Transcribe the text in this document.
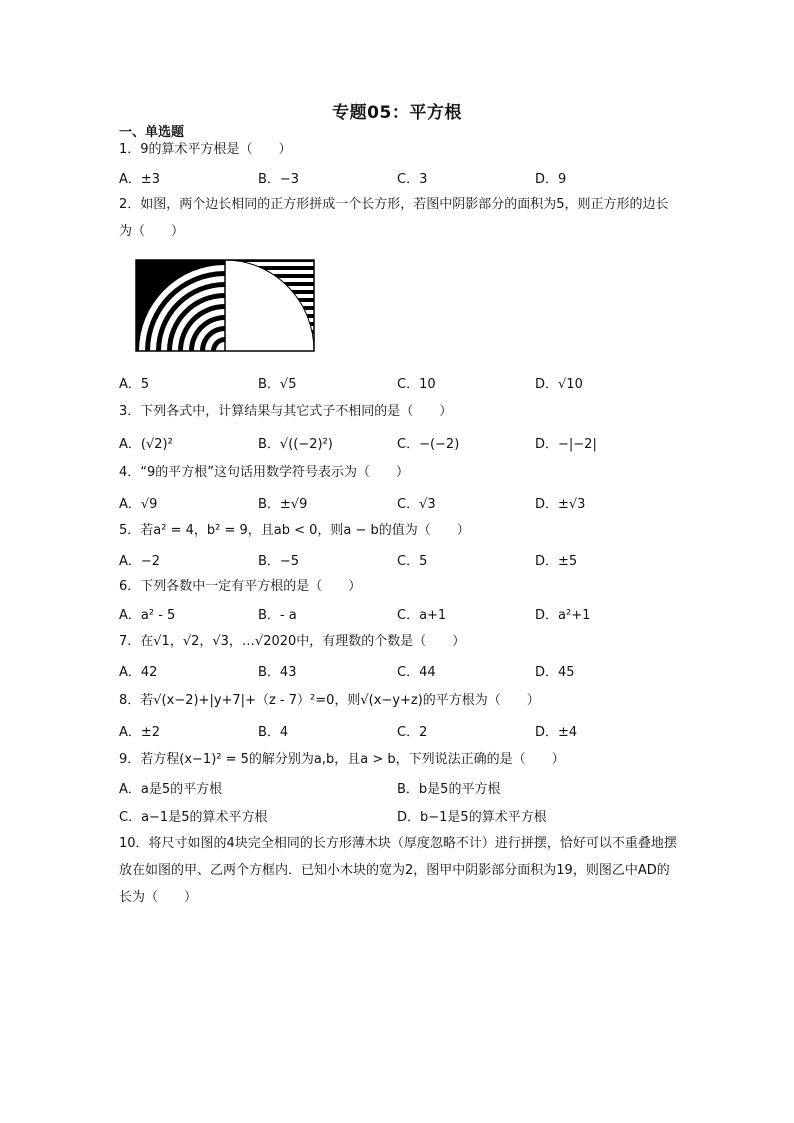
专题05：平方根
一、单选题
1．9的算术平方根是（　　）
A．±3	B．−3	C．3	D．9
2．如图，两个边长相同的正方形拼成一个长方形，若图中阴影部分的面积为5，则正方形的边长为（　　）
A．5	B．√5	C．10	D．√10
3．下列各式中，计算结果与其它式子不相同的是（　　）
A．(√2)²	B．√((−2)²)	C．−(−2)	D．−|−2|
4．“9的平方根”这句话用数学符号表示为（　　）
A．√9	B．±√9	C．√3	D．±√3
5．若a² = 4，b² = 9，且ab < 0，则a − b的值为（　　）
A．−2	B．−5	C．5	D．±5
6．下列各数中一定有平方根的是（　　）
A．a² - 5	B．- a	C．a+1	D．a²+1
7．在√1，√2，√3，…√2020中，有理数的个数是（　　）
A．42	B．43	C．44	D．45
8．若√(x−2)+|y+7|+（z - 7）²=0，则√(x−y+z)的平方根为（　　）
A．±2	B．4	C．2	D．±4
9．若方程(x−1)² = 5的解分别为a,b，且a > b，下列说法正确的是（　　）
A．a是5的平方根	B．b是5的平方根
C．a−1是5的算术平方根	D．b−1是5的算术平方根
10．将尺寸如图的4块完全相同的长方形薄木块（厚度忽略不计）进行拼摆，恰好可以不重叠地摆放在如图的甲、乙两个方框内．已知小木块的宽为2，图甲中阴影部分面积为19，则图乙中AD的长为（　　）
